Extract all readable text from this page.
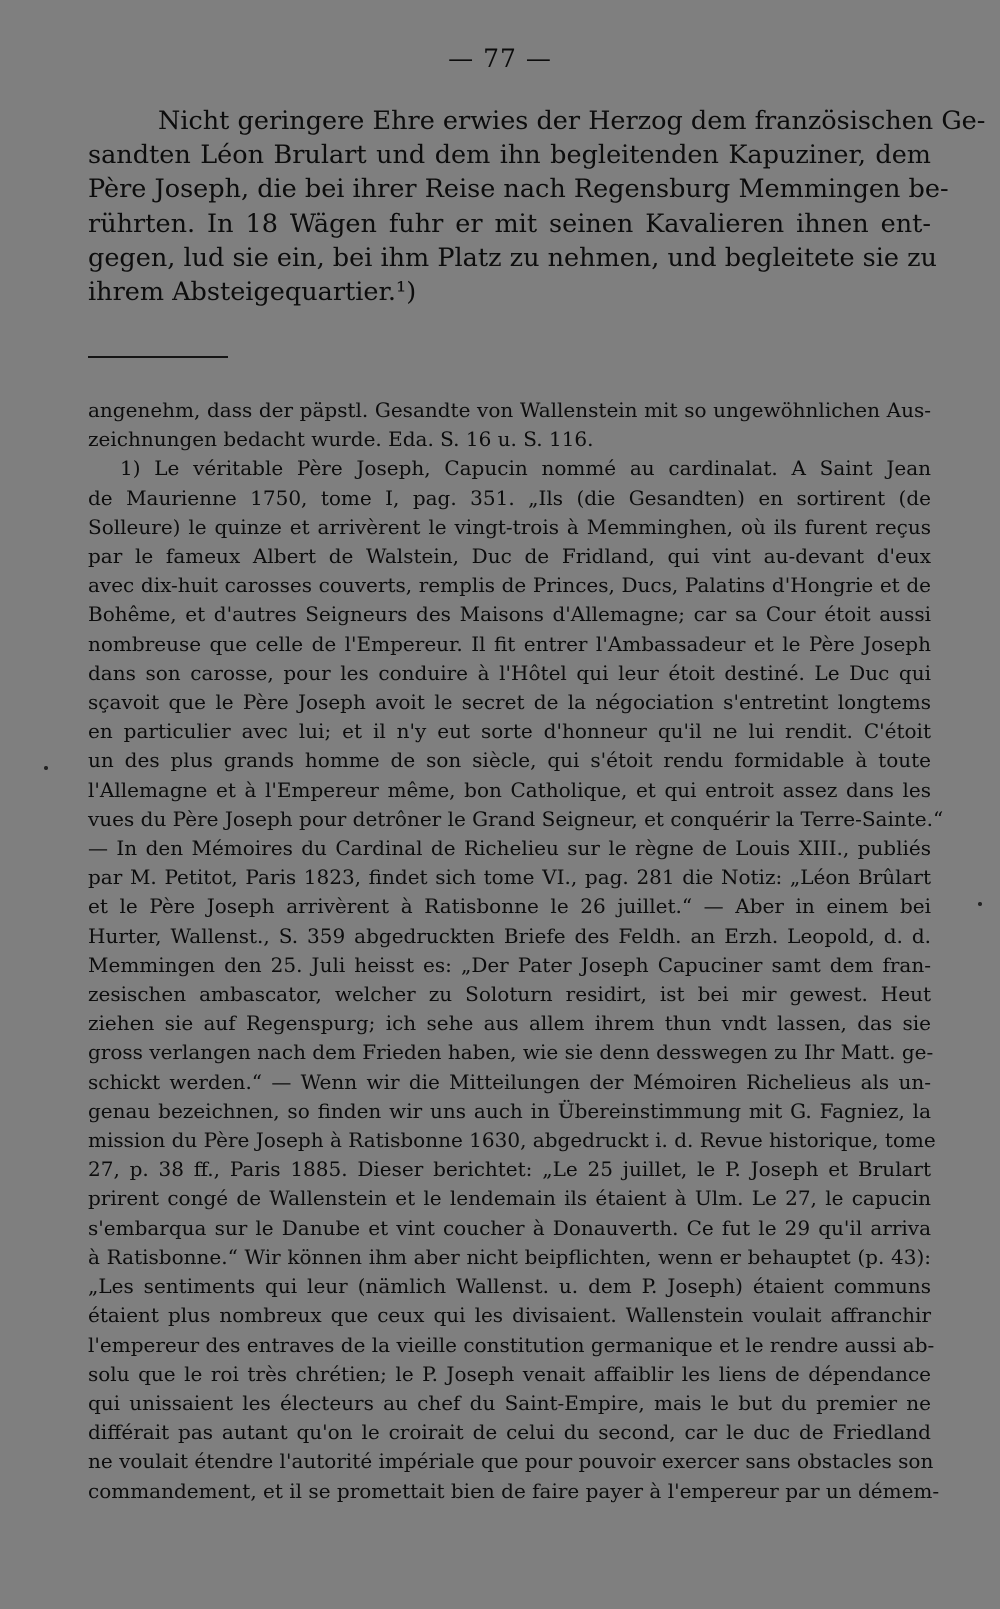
— 77 —
Nicht geringere Ehre erwies der Herzog dem französischen Ge-
sandten Léon Brulart und dem ihn begleitenden Kapuziner, dem
Père Joseph, die bei ihrer Reise nach Regensburg Memmingen be-
rührten. In 18 Wägen fuhr er mit seinen Kavalieren ihnen ent-
gegen, lud sie ein, bei ihm Platz zu nehmen, und begleitete sie zu
ihrem Absteigequartier.¹)
angenehm, dass der päpstl. Gesandte von Wallenstein mit so ungewöhnlichen Aus-
zeichnungen bedacht wurde. Eda. S. 16 u. S. 116.
1) Le véritable Père Joseph, Capucin nommé au cardinalat. A Saint Jean
de Maurienne 1750, tome I, pag. 351. „Ils (die Gesandten) en sortirent (de
Solleure) le quinze et arrivèrent le vingt-trois à Memminghen, où ils furent reçus
par le fameux Albert de Walstein, Duc de Fridland, qui vint au-devant d'eux
avec dix-huit carosses couverts, remplis de Princes, Ducs, Palatins d'Hongrie et de
Bohême, et d'autres Seigneurs des Maisons d'Allemagne; car sa Cour étoit aussi
nombreuse que celle de l'Empereur. Il fit entrer l'Ambassadeur et le Père Joseph
dans son carosse, pour les conduire à l'Hôtel qui leur étoit destiné. Le Duc qui
sçavoit que le Père Joseph avoit le secret de la négociation s'entretint longtems
en particulier avec lui; et il n'y eut sorte d'honneur qu'il ne lui rendit. C'étoit
un des plus grands homme de son siècle, qui s'étoit rendu formidable à toute
l'Allemagne et à l'Empereur même, bon Catholique, et qui entroit assez dans les
vues du Père Joseph pour detrôner le Grand Seigneur, et conquérir la Terre-Sainte.“
— In den Mémoires du Cardinal de Richelieu sur le règne de Louis XIII., publiés
par M. Petitot, Paris 1823, findet sich tome VI., pag. 281 die Notiz: „Léon Brûlart
et le Père Joseph arrivèrent à Ratisbonne le 26 juillet.“ — Aber in einem bei
Hurter, Wallenst., S. 359 abgedruckten Briefe des Feldh. an Erzh. Leopold, d. d.
Memmingen den 25. Juli heisst es: „Der Pater Joseph Capuciner samt dem fran-
zesischen ambascator, welcher zu Soloturn residirt, ist bei mir gewest. Heut
ziehen sie auf Regenspurg; ich sehe aus allem ihrem thun vndt lassen, das sie
gross verlangen nach dem Frieden haben, wie sie denn desswegen zu Ihr Matt. ge-
schickt werden.“ — Wenn wir die Mitteilungen der Mémoiren Richelieus als un-
genau bezeichnen, so finden wir uns auch in Übereinstimmung mit G. Fagniez, la
mission du Père Joseph à Ratisbonne 1630, abgedruckt i. d. Revue historique, tome
27, p. 38 ff., Paris 1885. Dieser berichtet: „Le 25 juillet, le P. Joseph et Brulart
prirent congé de Wallenstein et le lendemain ils étaient à Ulm. Le 27, le capucin
s'embarqua sur le Danube et vint coucher à Donauverth. Ce fut le 29 qu'il arriva
à Ratisbonne.“ Wir können ihm aber nicht beipflichten, wenn er behauptet (p. 43):
„Les sentiments qui leur (nämlich Wallenst. u. dem P. Joseph) étaient communs
étaient plus nombreux que ceux qui les divisaient. Wallenstein voulait affranchir
l'empereur des entraves de la vieille constitution germanique et le rendre aussi ab-
solu que le roi très chrétien; le P. Joseph venait affaiblir les liens de dépendance
qui unissaient les électeurs au chef du Saint-Empire, mais le but du premier ne
différait pas autant qu'on le croirait de celui du second, car le duc de Friedland
ne voulait étendre l'autorité impériale que pour pouvoir exercer sans obstacles son
commandement, et il se promettait bien de faire payer à l'empereur par un démem-
